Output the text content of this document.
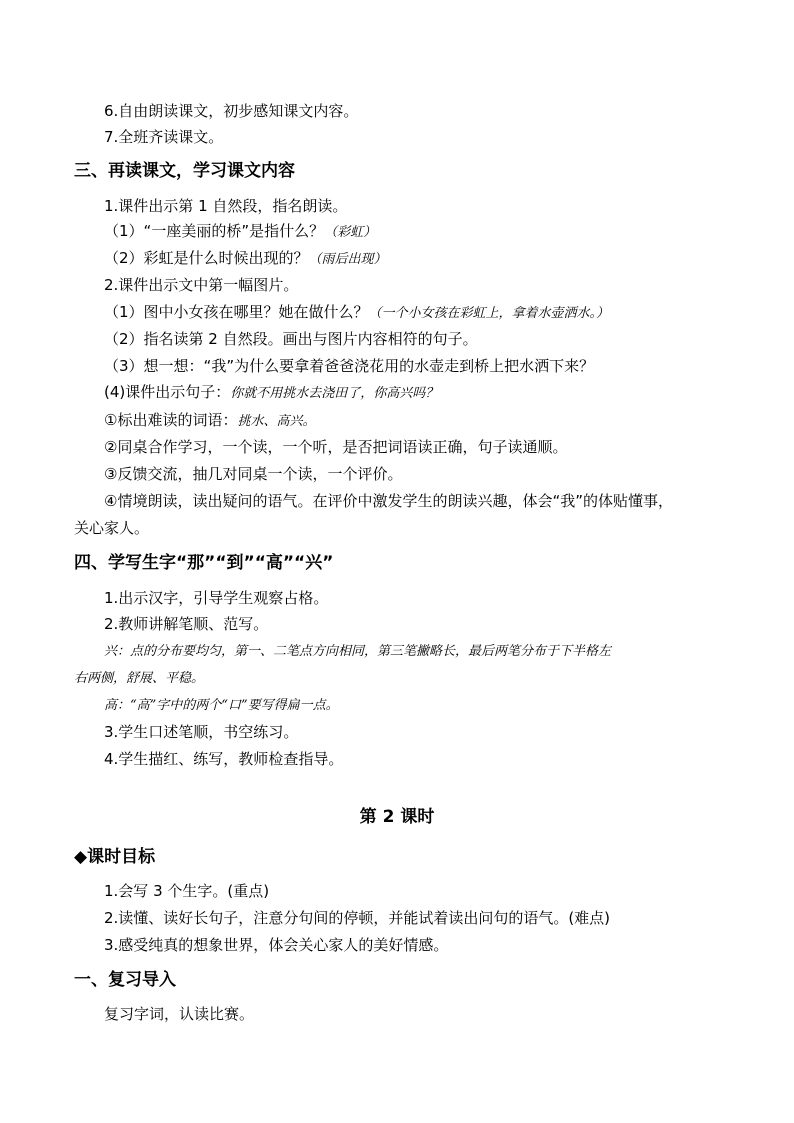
6.自由朗读课文，初步感知课文内容。
7.全班齐读课文。
三、再读课文，学习课文内容
1.课件出示第 1 自然段，指名朗读。
（1）“一座美丽的桥”是指什么？（彩虹）
（2）彩虹是什么时候出现的？（雨后出现）
2.课件出示文中第一幅图片。
（1）图中小女孩在哪里？她在做什么？（一个小女孩在彩虹上，拿着水壶洒水。）
（2）指名读第 2 自然段。画出与图片内容相符的句子。
（3）想一想：“我”为什么要拿着爸爸浇花用的水壶走到桥上把水洒下来？
(4)课件出示句子：你就不用挑水去浇田了，你高兴吗？
①标出难读的词语：挑水、高兴。
②同桌合作学习，一个读，一个听，是否把词语读正确，句子读通顺。
③反馈交流，抽几对同桌一个读，一个评价。
④情境朗读，读出疑问的语气。在评价中激发学生的朗读兴趣，体会“我”的体贴懂事，
关心家人。
四、学写生字“那”“到”“高”“兴”
1.出示汉字，引导学生观察占格。
2.教师讲解笔顺、范写。
兴：点的分布要均匀，第一、二笔点方向相同，第三笔撇略长，最后两笔分布于下半格左
右两侧，舒展、平稳。
高：“高”字中的两个“口”要写得扁一点。
3.学生口述笔顺，书空练习。
4.学生描红、练写，教师检查指导。
第 2 课时
◆课时目标
1.会写 3 个生字。(重点)
2.读懂、读好长句子，注意分句间的停顿，并能试着读出问句的语气。(难点)
3.感受纯真的想象世界，体会关心家人的美好情感。
一、复习导入
复习字词，认读比赛。
